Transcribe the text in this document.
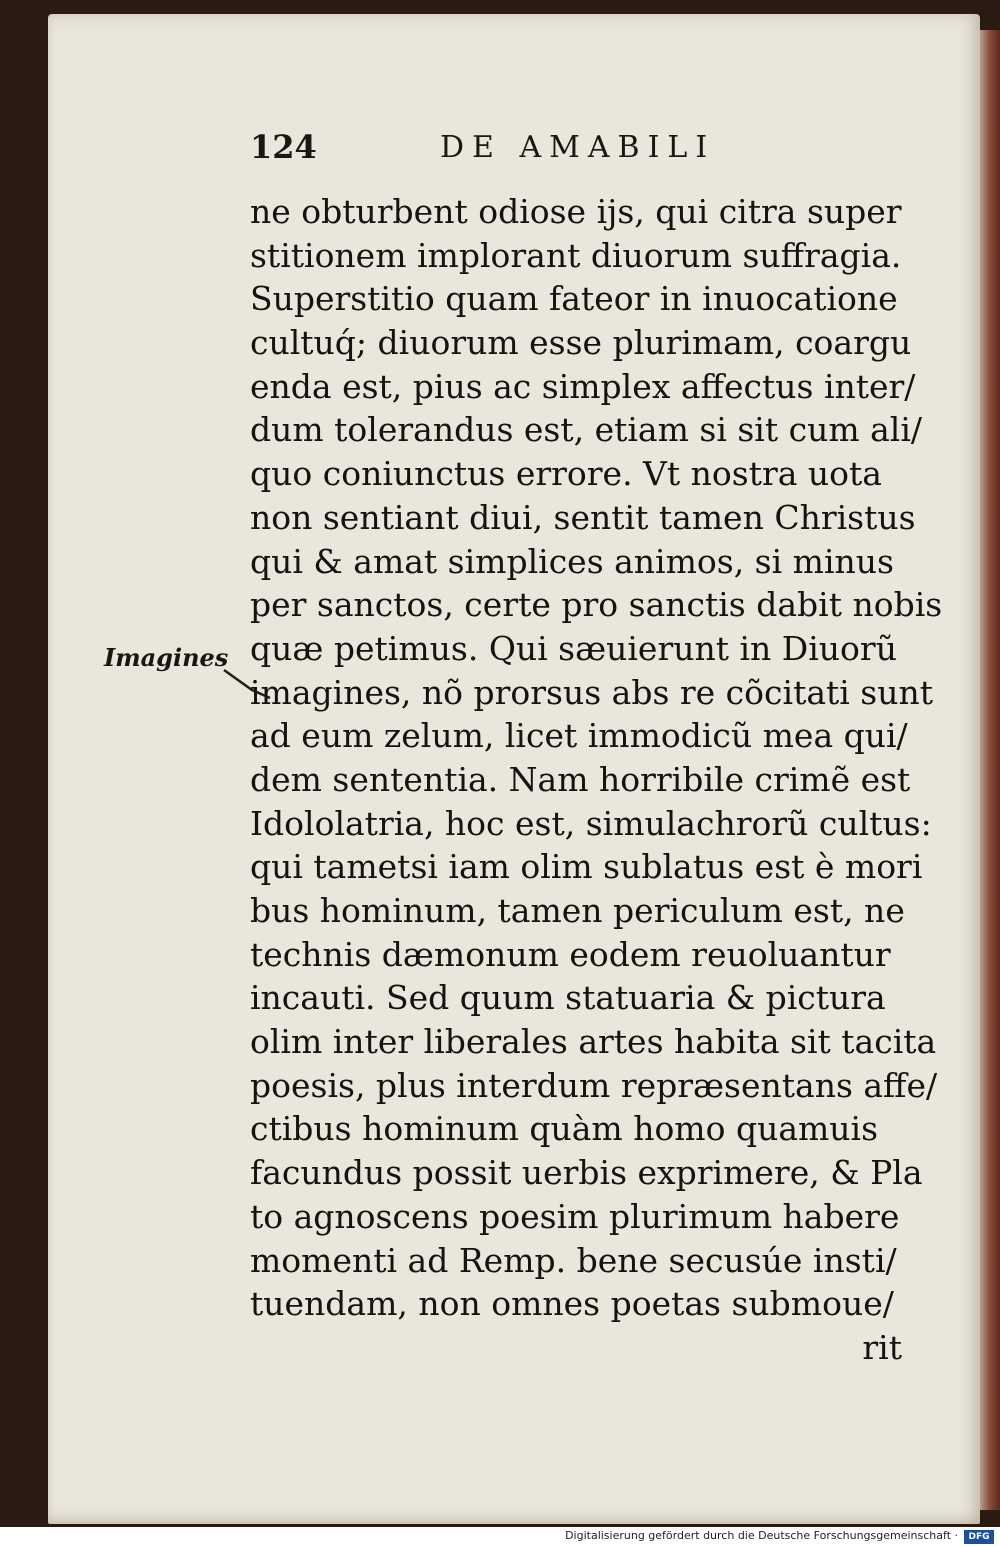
124	DE AMABILI
Imagines
ne obturbent odiose ijs, qui citra super
stitionem implorant diuorum suffragia.
Superstitio quam fateor in inuocatione
cultuq́; diuorum esse plurimam, coargu
enda est, pius ac simplex affectus inter/
dum tolerandus est, etiam si sit cum ali/
quo coniunctus errore. Vt nostra uota
non sentiant diui, sentit tamen Christus
qui & amat simplices animos, si minus
per sanctos, certe pro sanctis dabit nobis
quæ petimus. Qui sæuierunt in Diuorũ
imagines, nõ prorsus abs re cõcitati sunt
ad eum zelum, licet immodicũ mea qui/
dem sententia. Nam horribile crimẽ est
Idololatria, hoc est, simulachrorũ cultus:
qui tametsi iam olim sublatus est è mori
bus hominum, tamen periculum est, ne
technis dæmonum eodem reuoluantur
incauti. Sed quum statuaria & pictura
olim inter liberales artes habita sit tacita
poesis, plus interdum repræsentans affe/
ctibus hominum quàm homo quamuis
facundus possit uerbis exprimere, & Pla
to agnoscens poesim plurimum habere
momenti ad Remp. bene secusúe insti/
tuendam, non omnes poetas submoue/
rit
Digitalisierung gefördert durch die Deutsche Forschungsgemeinschaft ·	DFG
